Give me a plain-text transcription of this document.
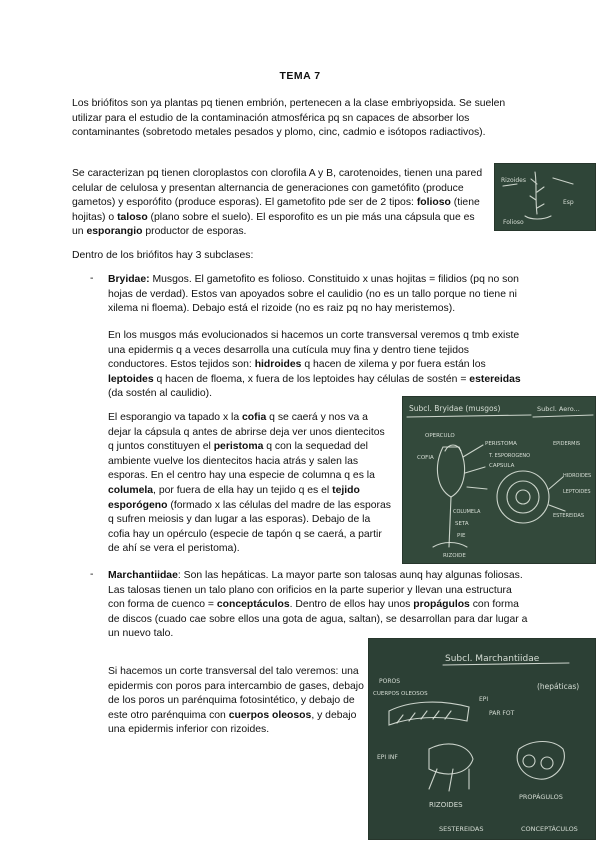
TEMA 7

Los briófitos son ya plantas pq tienen embrión, pertenecen a la clase embriyopsida. Se suelen utilizar para el estudio de la contaminación atmosférica pq sn capaces de absorber los contaminantes (sobretodo metales pesados y plomo, cinc, cadmio e isótopos radiactivos).

Se caracterizan pq tienen cloroplastos con clorofila A y B, carotenoides, tienen una pared celular de celulosa y presentan alternancia de generaciones con gametófito (produce gametos) y esporófito (produce esporas). El gametofito pde ser de 2 tipos: folioso (tiene hojitas) o taloso (plano sobre el suelo). El esporofito es un pie más una cápsula que es un esporangio productor de esporas.

Rizoides
Folioso
Esp

Dentro de los briófitos hay 3 subclases:

- Bryidae: Musgos. El gametofito es folioso. Constituido x unas hojitas = filidios (pq no son hojas de verdad). Estos van apoyados sobre el caulidio (no es un tallo porque no tiene ni xilema ni floema). Debajo está el rizoide (no es raiz pq no hay meristemos).

En los musgos más evolucionados si hacemos un corte transversal veremos q tmb existe una epidermis q a veces desarrolla una cutícula muy fina y dentro tiene tejidos conductores. Estos tejidos son: hidroides q hacen de xilema y por fuera están los leptoides q hacen de floema, x fuera de los leptoides hay células de sostén = estereidas (da sostén al caulidio).

El esporangio va tapado x la cofia q se caerá y nos va a dejar la cápsula q antes de abrirse deja ver unos dientecitos q juntos constituyen el peristoma q con la sequedad del ambiente vuelve los dientecitos hacia atrás y salen las esporas. En el centro hay una especie de columna q es la columela, por fuera de ella hay un tejido q es el tejido esporógeno (formado x las células del madre de las esporas q sufren meiosis y dan lugar a las esporas). Debajo de la cofia hay un opérculo (especie de tapón q se caerá, a partir de ahí se vera el peristoma).

Subcl. Bryidae (musgos)	Subcl. Aero...
PERISTOMA
OPERCULO
CAPSULA
T. ESPOROGENO
COLUMELA
COFIA
SETA
PIE
RIZOIDE
EPIDERMIS
HIDROIDES
LEPTOIDES
ESTEREIDAS
- Marchantiidae: Son las hepáticas. La mayor parte son talosas aunq hay algunas foliosas. Las talosas tienen un talo plano con orificios en la parte superior y llevan una estructura con forma de cuenco = conceptáculos. Dentro de ellos hay unos propágulos con forma de discos (cuado cae sobre ellos una gota de agua, saltan), se desarrollan para dar lugar a un nuevo talo.

Si hacemos un corte transversal del talo veremos: una epidermis con poros para intercambio de gases, debajo de los poros un parénquima fotosintético, y debajo de este otro parénquima con cuerpos oleosos, y debajo una epidermis inferior con rizoides.

Subcl. Marchantiidae
(hepáticas)
POROS
CUERPOS OLEOSOS
EPI
PAR FOT
EPI INF
RIZOIDES
PROPÁGULOS
SESTEREIDAS	CONCEPTÁCULOS
